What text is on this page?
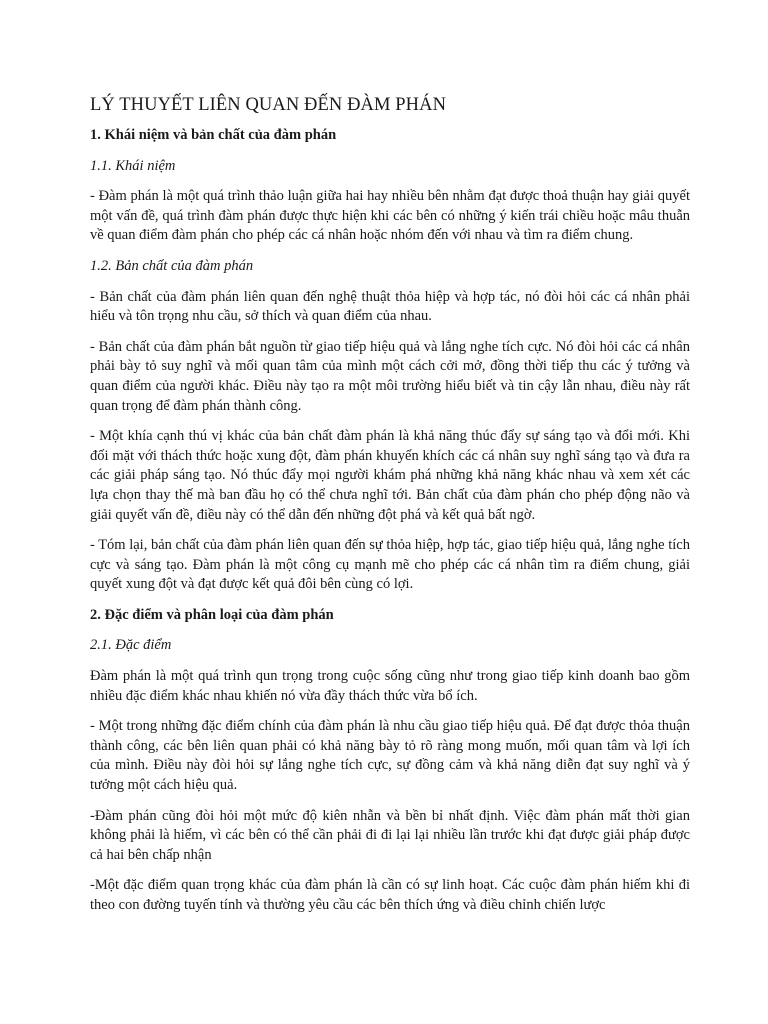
LÝ THUYẾT LIÊN QUAN ĐẾN ĐÀM PHÁN
1. Khái niệm và bản chất của đàm phán
1.1. Khái niệm

- Đàm phán là một quá trình thảo luận giữa hai hay nhiều bên nhằm đạt được thoả thuận hay giải quyết một vấn đề, quá trình đàm phán được thực hiện khi các bên có những ý kiến trái chiều hoặc mâu thuẫn về quan điểm đàm phán cho phép các cá nhân hoặc nhóm đến với nhau và tìm ra điểm chung.

1.2. Bản chất của đàm phán

- Bản chất của đàm phán liên quan đến nghệ thuật thỏa hiệp và hợp tác, nó đòi hỏi các cá nhân phải hiểu và tôn trọng nhu cầu, sở thích và quan điểm của nhau.

- Bản chất của đàm phán bắt nguồn từ giao tiếp hiệu quả và lắng nghe tích cực. Nó đòi hỏi các cá nhân phải bày tỏ suy nghĩ và mối quan tâm của mình một cách cởi mở, đồng thời tiếp thu các ý tưởng và quan điểm của người khác. Điều này tạo ra một môi trường hiểu biết và tin cậy lẫn nhau, điều này rất quan trọng để đàm phán thành công.

- Một khía cạnh thú vị khác của bản chất đàm phán là khả năng thúc đẩy sự sáng tạo và đổi mới. Khi đối mặt với thách thức hoặc xung đột, đàm phán khuyến khích các cá nhân suy nghĩ sáng tạo và đưa ra các giải pháp sáng tạo. Nó thúc đẩy mọi người khám phá những khả năng khác nhau và xem xét các lựa chọn thay thế mà ban đầu họ có thể chưa nghĩ tới. Bản chất của đàm phán cho phép động não và giải quyết vấn đề, điều này có thể dẫn đến những đột phá và kết quả bất ngờ.

- Tóm lại, bản chất của đàm phán liên quan đến sự thỏa hiệp, hợp tác, giao tiếp hiệu quả, lắng nghe tích cực và sáng tạo. Đàm phán là một công cụ mạnh mẽ cho phép các cá nhân tìm ra điểm chung, giải quyết xung đột và đạt được kết quả đôi bên cùng có lợi.

2. Đặc điểm và phân loại của đàm phán
2.1. Đặc điểm

Đàm phán là một quá trình qun trọng trong cuộc sống cũng như trong giao tiếp kinh doanh bao gồm nhiều đặc điểm khác nhau khiến nó vừa đầy thách thức vừa bổ ích.

- Một trong những đặc điểm chính của đàm phán là nhu cầu giao tiếp hiệu quả. Để đạt được thỏa thuận thành công, các bên liên quan phải có khả năng bày tỏ rõ ràng mong muốn, mối quan tâm và lợi ích của mình. Điều này đòi hỏi sự lắng nghe tích cực, sự đồng cảm và khả năng diễn đạt suy nghĩ và ý tưởng một cách hiệu quả.

-Đàm phán cũng đòi hỏi một mức độ kiên nhẫn và bền bỉ nhất định. Việc đàm phán mất thời gian không phải là hiếm, vì các bên có thể cần phải đi đi lại lại nhiều lần trước khi đạt được giải pháp được cả hai bên chấp nhận

-Một đặc điểm quan trọng khác của đàm phán là cần có sự linh hoạt. Các cuộc đàm phán hiếm khi đi theo con đường tuyến tính và thường yêu cầu các bên thích ứng và điều chỉnh chiến lược
